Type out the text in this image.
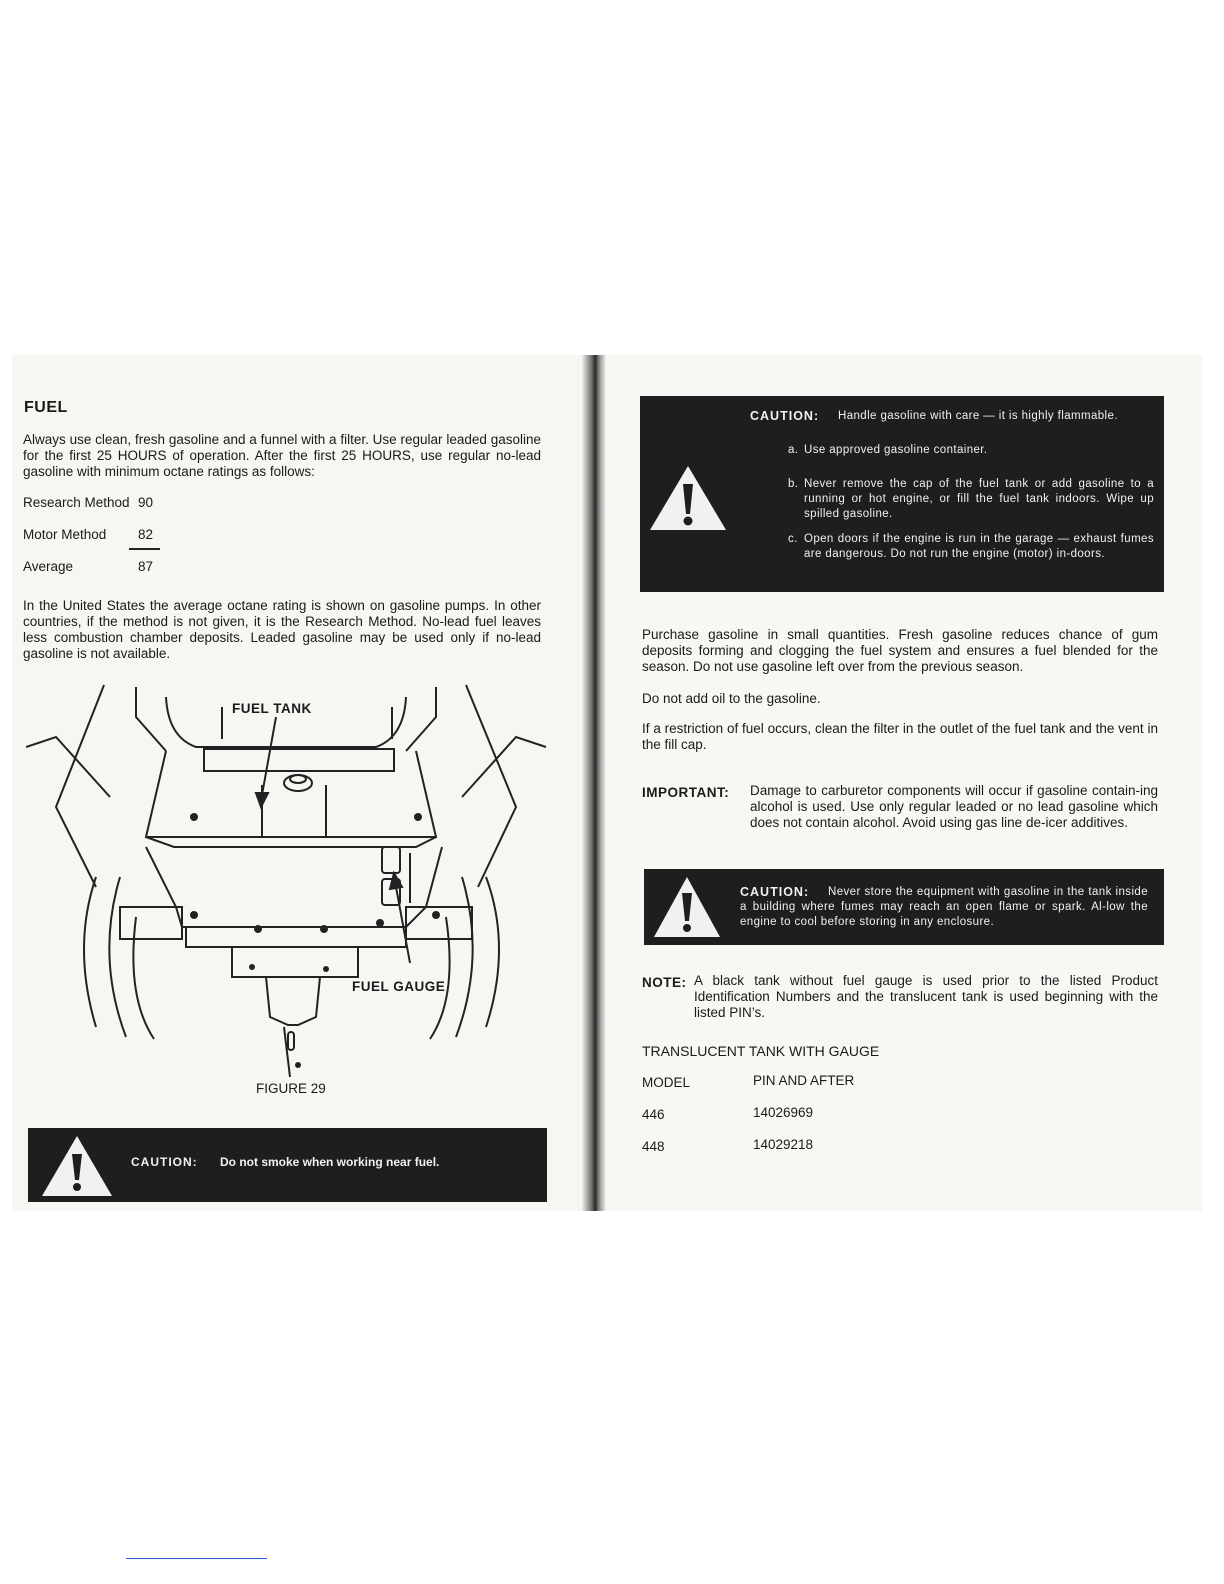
FUEL

Always use clean, fresh gasoline and a funnel with a filter. Use regular leaded gasoline for the first 25 HOURS of operation. After the first 25 HOURS, use regular no-lead gasoline with minimum octane ratings as follows:

Research Method 90
Motor Method 82
Average	87

In the United States the average octane rating is shown on gasoline pumps. In other countries, if the method is not given, it is the Research Method. No-lead fuel leaves less combustion chamber deposits. Leaded gasoline may be used only if no-lead gasoline is not available.

FUEL TANK
FUEL GAUGE

FIGURE 29

CAUTION: Do not smoke when working near fuel.
CAUTION: Handle gasoline with care — it is highly flammable.
a. Use approved gasoline container.
b. Never remove the cap of the fuel tank or add gasoline to a running or hot engine, or fill the fuel tank indoors. Wipe up spilled gasoline.
c. Open doors if the engine is run in the garage — exhaust fumes are dangerous. Do not run the engine (motor) in-doors.

Purchase gasoline in small quantities. Fresh gasoline reduces chance of gum deposits forming and clogging the fuel system and ensures a fuel blended for the season. Do not use gasoline left over from the previous season.

Do not add oil to the gasoline.

If a restriction of fuel occurs, clean the filter in the outlet of the fuel tank and the vent in the fill cap.

IMPORTANT: Damage to carburetor components will occur if gasoline contain-ing alcohol is used. Use only regular leaded or no lead gasoline which does not contain alcohol. Avoid using gas line de-icer additives.

CAUTION:	Never store the equipment with gasoline in the tank inside a building where fumes may reach an open flame or spark. Al-low the engine to cool before storing in any enclosure.
NOTE: A black tank without fuel gauge is used prior to the listed Product Identification Numbers and the translucent tank is used beginning with the listed PIN’s.

TRANSLUCENT TANK WITH GAUGE
MODEL	PIN AND AFTER
446	14026969
448	14029218
